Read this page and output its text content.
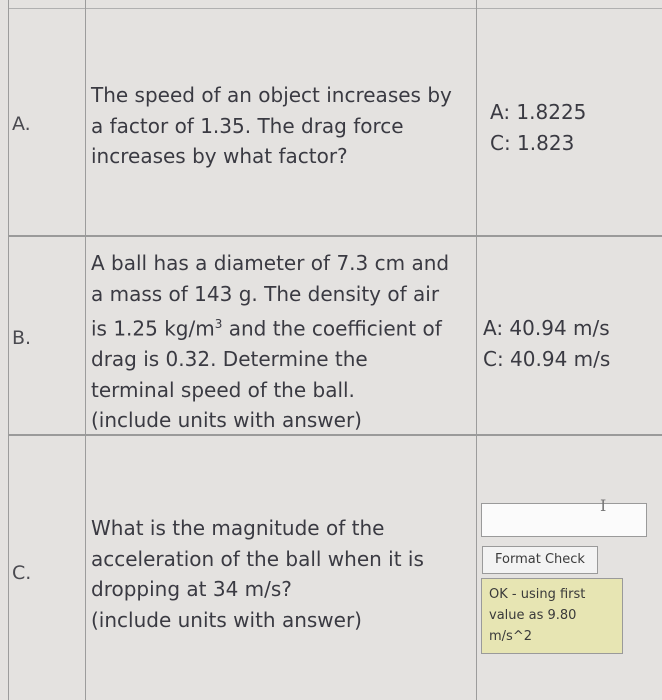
A.
The speed of an object increases by
a factor of 1.35. The drag force
increases by what factor?
A: 1.8225
C: 1.823
B.
A ball has a diameter of 7.3 cm and
a mass of 143 g. The density of air
is 1.25 $kg/m^3$ and the coefficient of
drag is 0.32. Determine the
terminal speed of the ball.
(include units with answer)
A: 40.94 m/s
C: 40.94 m/s
C.
What is the magnitude of the
acceleration of the ball when it is
dropping at 34 m/s?
(include units with answer)
I
Format Check
OK - using first
value as 9.80
m/s^2
